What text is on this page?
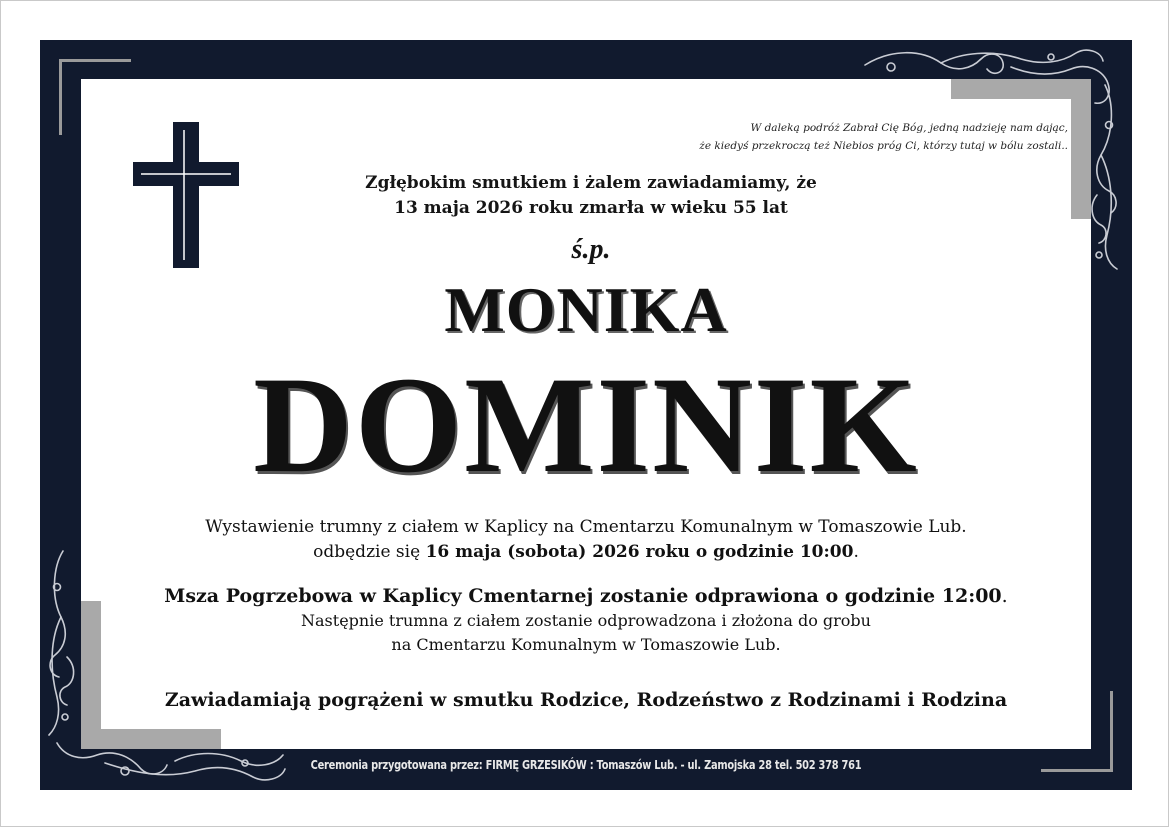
W daleką podróż Zabrał Cię Bóg, jedną nadzieję nam dając,
że kiedyś przekroczą też Niebios próg Ci, którzy tutaj w bólu zostali..
Zgłębokim smutkiem i żalem zawiadamiamy, że
13 maja 2026 roku zmarła w wieku 55 lat
ś.p.
MONIKA
DOMINIK
Wystawienie trumny z ciałem w Kaplicy na Cmentarzu Komunalnym w Tomaszowie Lub.
odbędzie się 16 maja (sobota) 2026 roku o godzinie 10:00.
Msza Pogrzebowa w Kaplicy Cmentarnej zostanie odprawiona o godzinie 12:00.
Następnie trumna z ciałem zostanie odprowadzona i złożona do grobu
na Cmentarzu Komunalnym w Tomaszowie Lub.
Zawiadamiają pogrążeni w smutku Rodzice, Rodzeństwo z Rodzinami i Rodzina
Ceremonia przygotowana przez: FIRMĘ GRZESIKÓW : Tomaszów Lub. - ul. Zamojska 28 tel. 502 378 761
